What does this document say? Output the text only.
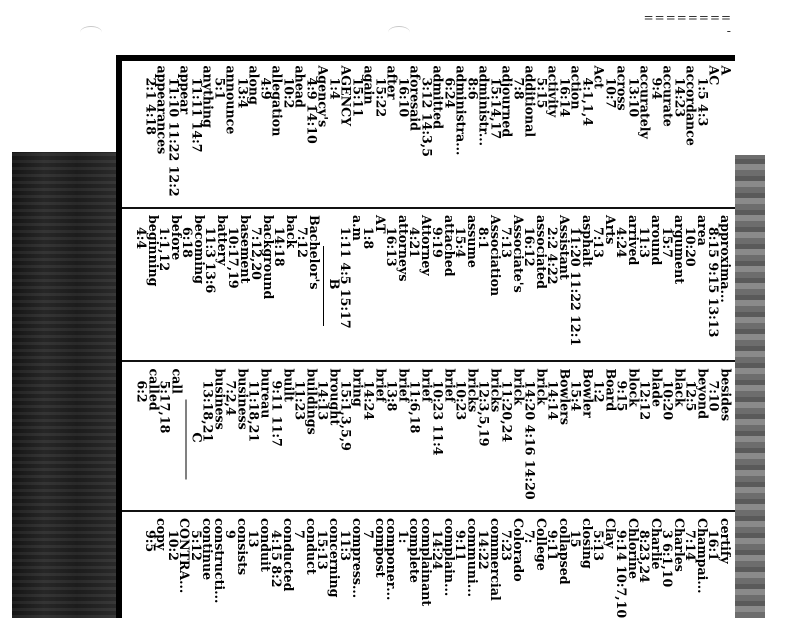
- ========
A
AC
1:5 4:3
accordance
14:23
accurate
9:4
accurately
13:10
across
10:7
Act
4:1,1,4
action
16:14
activity
5:15
additional
7:8
adjourned
15:14,17
administr...
8:6
administra...
6:24
admitted
3:12 14:3,5
aforesaid
16:10
after
15:22
again
15:11
AGENCY
1:4
Agency's
4:9 14:10
ahead
10:2
allegation
4:9
along
13:4
announce
5:1
anything
11:11 14:7
appear
11:10 11:22 12:2
appearances
2:1 4:18
approxima...
8:15 9:15 13:13
area
10:20
argument
15:7
around
11:3
arrived
4:24
Arts
7:13
asphalt
11:20 11:22 12:1
Assistant
2:2 4:22
associated
16:12
Associate's
7:13
Association
8:1
assume
15:4
attached
9:19
Attorney
4:21
attorneys
16:13
AT
1:8
a.m
1:11 4:5 15:17
B
Bachelor's
7:12
back
14:18
background
7:12,20
basement
10:17,19
battery
11:3 13:6
becoming
6:18
before
1:1,12
beginning
4:4
besides
7:10
beyond
12:5
black
10:20
blade
12:12
block
9:15
Board
1:2
Bowler
15:4
Bowlers
14:14
brick
14:20 4:16 14:20
brick
11:20,24
bricks
12:3,5,19
bricks
10:23
brief
10:23 11:4
brief
11:6,18
brief
13:8
brief
14:24
bring
15:1,3,5,9
brought
14:13
buildings
11:23
built
9:11 11:7
bureau
11:18,21
business
7:2,4
business
13:18,21
C
call
5:17,18
called
6:2
certify
16:1
Champai...
7:14
Charles
3 6:1,10
Charlie
8:23,24
Chlorine
9:14 10:7,10
Clay
5:13
closing
15
collapsed
9:11
College
7:
Colorado
7:23
commercial
14:22
communi...
9:11
complain...
14:24
complainant
complete
1:
componer...
compost
7
compress...
11:3
concerning
15:13
conduct
7
conducted
4:15 8:2
conduit
13
consists
9
constructi...
continue
5:12
CONTRA...
10:2
copy
9:5
